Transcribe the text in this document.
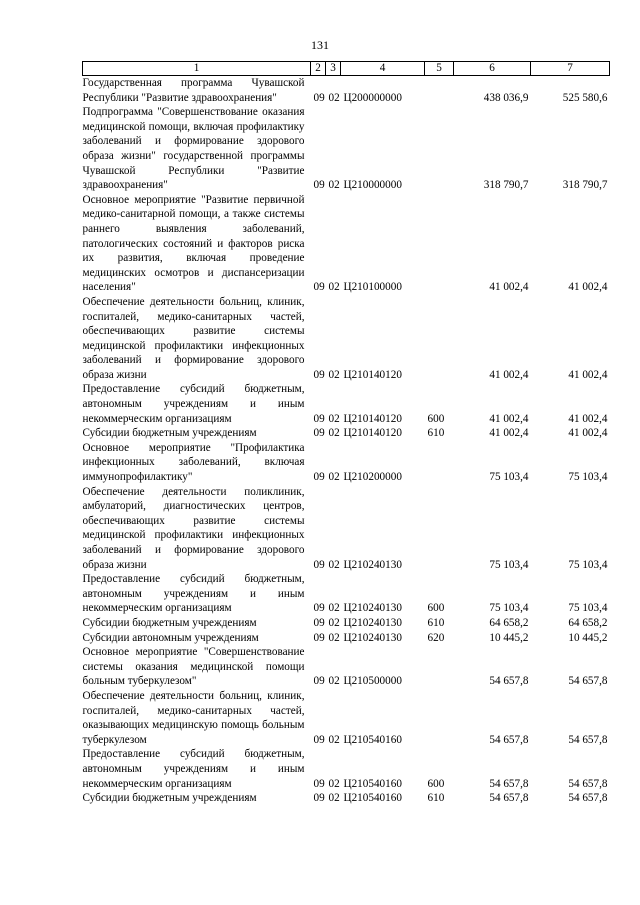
131
1	2	3	4	5	6	7
Государственная программа Чувашской Республики "Развитие здравоохранения"	09	02	Ц200000000		438 036,9	525 580,6
Подпрограмма "Совершенствование оказания медицинской помощи, включая профилактику заболеваний и формирование здорового образа жизни" государственной программы Чувашской Республики "Развитие здравоохранения"	09	02	Ц210000000		318 790,7	318 790,7
Основное мероприятие "Развитие первичной медико-санитарной помощи, а также системы раннего выявления заболеваний, патологических состояний и факторов риска их развития, включая проведение медицинских осмотров и диспансеризации населения"	09	02	Ц210100000		41 002,4	41 002,4
Обеспечение деятельности больниц, клиник, госпиталей, медико-санитарных частей, обеспечивающих развитие системы медицинской профилактики инфекционных заболеваний и формирование здорового образа жизни	09	02	Ц210140120		41 002,4	41 002,4
Предоставление субсидий бюджетным, автономным учреждениям и иным некоммерческим организациям	09	02	Ц210140120	600	41 002,4	41 002,4
Субсидии бюджетным учреждениям	09	02	Ц210140120	610	41 002,4	41 002,4
Основное мероприятие "Профилактика инфекционных заболеваний, включая иммунопрофилактику"	09	02	Ц210200000		75 103,4	75 103,4
Обеспечение деятельности поликлиник, амбулаторий, диагностических центров, обеспечивающих развитие системы медицинской профилактики инфекционных заболеваний и формирование здорового образа жизни	09	02	Ц210240130		75 103,4	75 103,4
Предоставление субсидий бюджетным, автономным учреждениям и иным некоммерческим организациям	09	02	Ц210240130	600	75 103,4	75 103,4
Субсидии бюджетным учреждениям	09	02	Ц210240130	610	64 658,2	64 658,2
Субсидии автономным учреждениям	09	02	Ц210240130	620	10 445,2	10 445,2
Основное мероприятие "Совершенствование системы оказания медицинской помощи больным туберкулезом"	09	02	Ц210500000		54 657,8	54 657,8
Обеспечение деятельности больниц, клиник, госпиталей, медико-санитарных частей, оказывающих медицинскую помощь больным туберкулезом	09	02	Ц210540160		54 657,8	54 657,8
Предоставление субсидий бюджетным, автономным учреждениям и иным некоммерческим организациям	09	02	Ц210540160	600	54 657,8	54 657,8
Субсидии бюджетным учреждениям	09	02	Ц210540160	610	54 657,8	54 657,8
